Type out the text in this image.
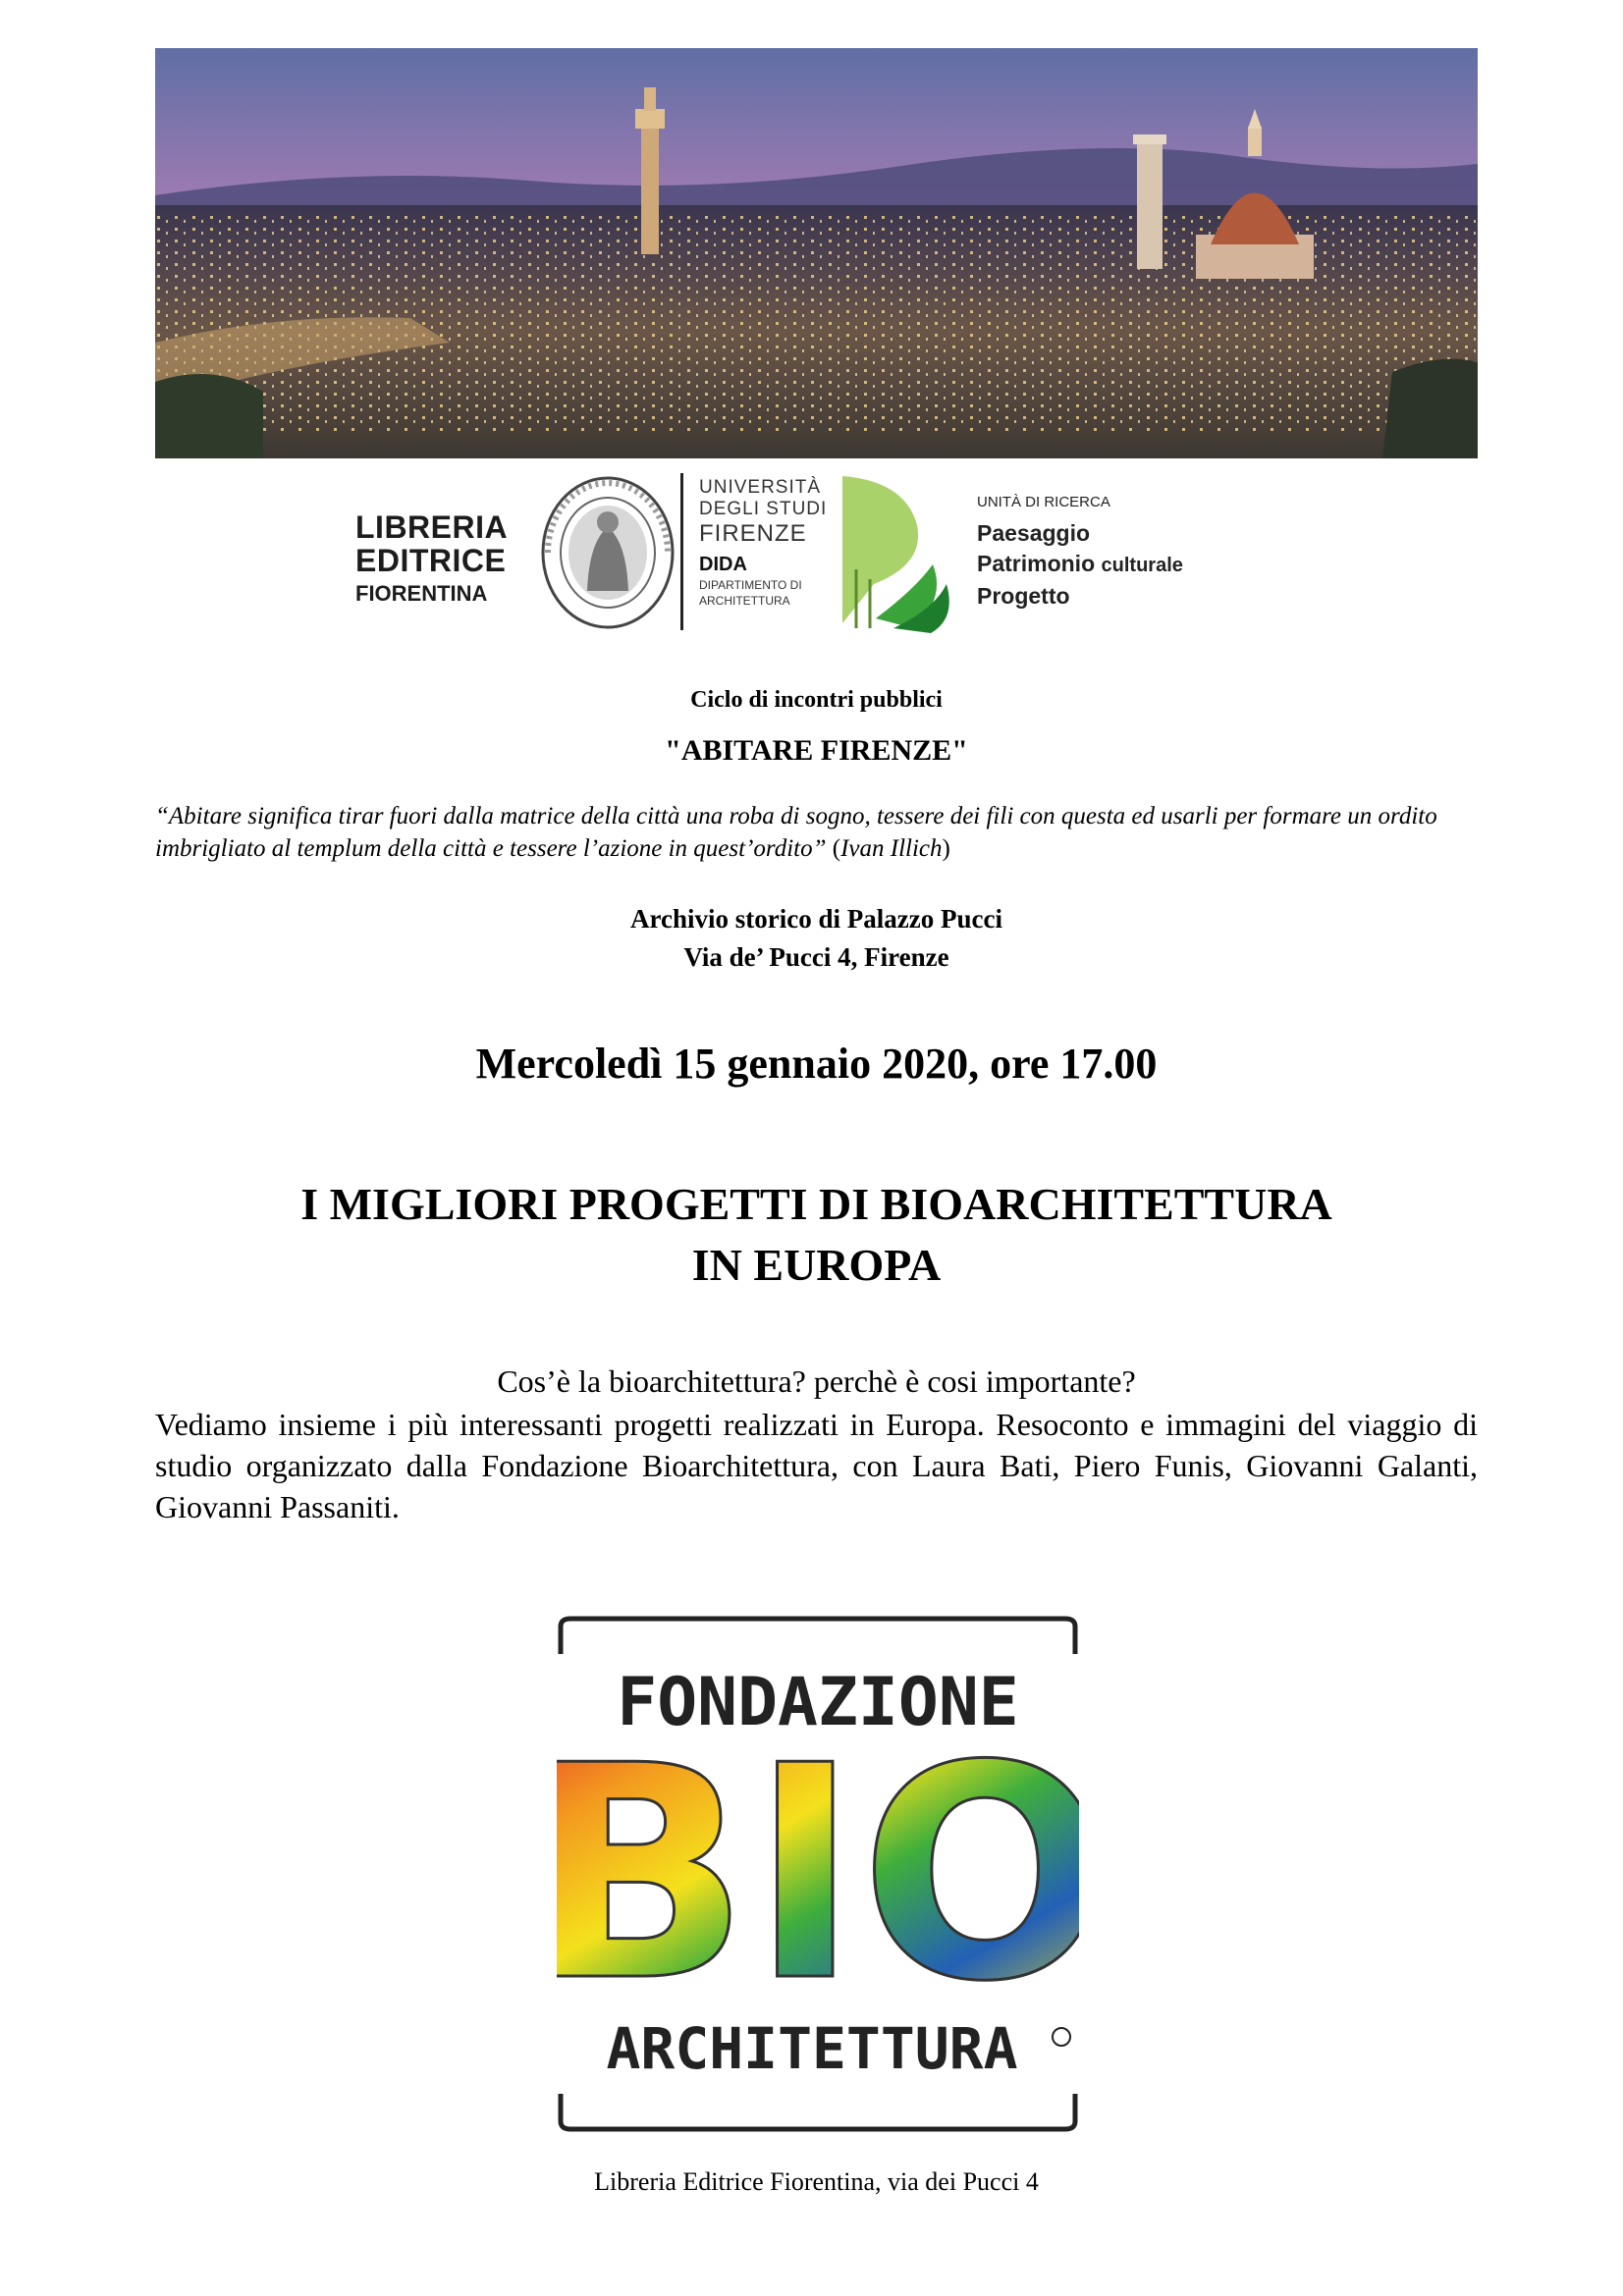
LIBRERIA
EDITRICE
FIORENTINA
UNIVERSITÀ
DEGLI STUDI
FIRENZE
DIDA
DIPARTIMENTO DI
ARCHITETTURA
UNITÀ DI RICERCA
Paesaggio
Patrimonio culturale
Progetto
Ciclo di incontri pubblici
"ABITARE FIRENZE"
“Abitare significa tirar fuori dalla matrice della città una roba di sogno, tessere dei fili con questa ed usarli per formare un ordito imbrigliato al templum della città e tessere l’azione in quest’ordito” (Ivan Illich)
Archivio storico di Palazzo Pucci
Via de’ Pucci 4, Firenze
Mercoledì 15 gennaio 2020, ore 17.00
I MIGLIORI PROGETTI DI BIOARCHITETTURA
IN EUROPA
Cos’è la bioarchitettura? perchè è cosi importante?
Vediamo insieme i più interessanti progetti realizzati in Europa. Resoconto e immagini del viaggio di studio organizzato dalla Fondazione Bioarchitettura, con Laura Bati, Piero Funis, Giovanni Galanti, Giovanni Passaniti.
FONDAZIONE
BIO
ARCHITETTURA
Libreria Editrice Fiorentina, via dei Pucci 4
